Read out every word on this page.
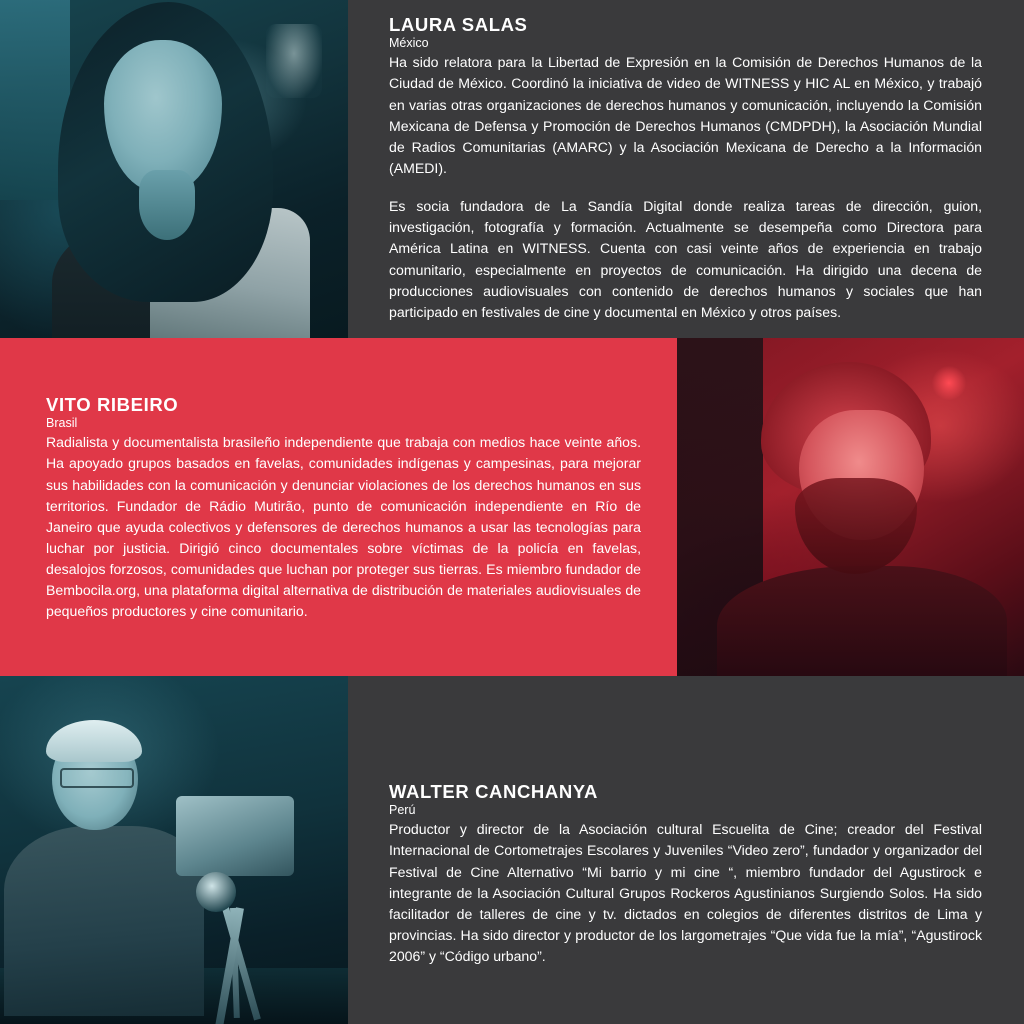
LAURA SALAS
México

Ha sido relatora para la Libertad de Expresión en la Comisión de Derechos Humanos de la Ciudad de México. Coordinó la iniciativa de video de WITNESS y HIC AL en México, y trabajó en varias otras organizaciones de derechos humanos y comunicación, incluyendo la Comisión Mexicana de Defensa y Promoción de Derechos Humanos (CMDPDH), la Asociación Mundial de Radios Comunitarias (AMARC) y la Asociación Mexicana de Derecho a la Información (AMEDI).

Es socia fundadora de La Sandía Digital donde realiza tareas de dirección, guion, investigación, fotografía y formación. Actualmente se desempeña como Directora para América Latina en WITNESS. Cuenta con casi veinte años de experiencia en trabajo comunitario, especialmente en proyectos de comunicación. Ha dirigido una decena de producciones audiovisuales con contenido de derechos humanos y sociales que han participado en festivales de cine y documental en México y otros países.

VITO RIBEIRO
Brasil

Radialista y documentalista brasileño independiente que trabaja con medios hace veinte años. Ha apoyado grupos basados en favelas, comunidades indígenas y campesinas, para mejorar sus habilidades con la comunicación y denunciar violaciones de los derechos humanos en sus territorios. Fundador de Rádio Mutirão, punto de comunicación independiente en Río de Janeiro que ayuda colectivos y defensores de derechos humanos a usar las tecnologías para luchar por justicia. Dirigió cinco documentales sobre víctimas de la policía en favelas, desalojos forzosos, comunidades que luchan por proteger sus tierras. Es miembro fundador de Bembocila.org, una plataforma digital alternativa de distribución de materiales audiovisuales de pequeños productores y cine comunitario.

WALTER CANCHANYA
Perú

Productor y director de la Asociación cultural Escuelita de Cine; creador del Festival Internacional de Cortometrajes Escolares y Juveniles “Video zero”, fundador y organizador del Festival de Cine Alternativo “Mi barrio y mi cine “, miembro fundador del Agustirock e integrante de la Asociación Cultural Grupos Rockeros Agustinianos Surgiendo Solos. Ha sido facilitador de talleres de cine y tv. dictados en colegios de diferentes distritos de Lima y provincias. Ha sido director y productor de los largometrajes “Que vida fue la mía”, “Agustirock 2006” y “Código urbano”.
